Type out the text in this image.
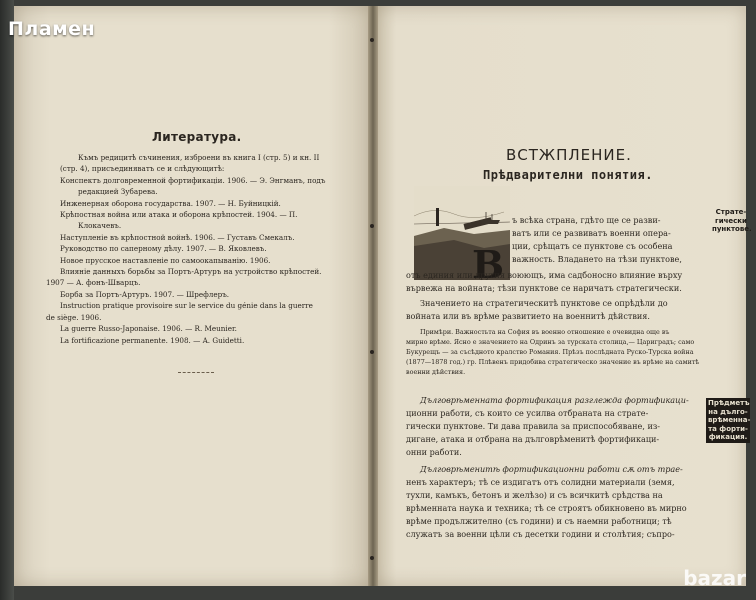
Пламен
bazar
Литература.
Къмъ редицитѣ съчинения, изброени въ книга I (стр. 5) и кн. II
(стр. 4), присъединяватъ се и слѣдующитѣ:
Конспектъ долговременной фортификаціи. 1906. — Э. Энгманъ, подъ
редакцией Зубарева.
Инженерная оборона государства. 1907. — Н. Буйницкій.
Крѣпостная война или атака и оборона крѣпостей. 1904. — П.
Клокачевъ.
Наступленіе въ крѣпостной войнѣ. 1906. — Густавъ Смекалъ.
Руководство по саперному дѣлу. 1907. — В. Яковлевъ.
Новое прусское наставленіе по самоокапыванію. 1906.
Влияніе данныхъ борьбы за Портъ-Артуръ на устройство крѣпостей.
1907 — А. фонъ-Шварцъ.
Борба за Портъ-Артуръ. 1907. — Шрефлеръ.
Instruction pratique provisoire sur le service du génie dans la guerre
de siège. 1906.
La guerre Russo-Japonaise. 1906. — R. Meunier.
La fortificazione permanente. 1908. — A. Guidetti.
ВСТЖПЛЕНИЕ.
Прѣдварителни понятия.
В
Страте-
гически
пунктове.
ъ всѣка страна, гдѣто ще се разви-
ватъ или се развиватъ военни опера-
ции, срѣщатъ се пунктове съ особена
важность. Владането на тѣзи пунктове,
отъ единия или другия воюющъ, има садбоносно влияние върху
вървежа на войната; тѣзи пунктове се наричатъ стратегически.
Значението на стратегическитѣ пунктове се опрѣдѣли до
войната или въ врѣме развитието на военнитѣ дѣйствия.
Примѣри. Важностьта на София въ военно отношение е очевидна още въ
мирно врѣме. Ясно е значението на Одринъ за турската столица,— Цариградъ; само
Букурещъ — за съсѣдното кралство Романия. Прѣзъ послѣдната Руско-Турска война
(1877—1878 год.) гр. Плѣвенъ придобива стратегическо значение въ врѣме на самитѣ
военни дѣйствия.
Прѣдметъ
на дълго-
врѣменна-
та форти-
фикация.
Дълговрѣменната фортификация разглежда фортификаци-
ционни работи, съ които се усилва отбраната на страте-
гически пунктове. Ти дава правила за приспособяване, из-
дигане, атака и отбрана на дълговрѣменитѣ фортификаци-
онни работи.
Дълговрѣменитѣ фортификационни работи сѫ отъ трае-
ненъ характеръ; тѣ се издигатъ отъ солидни материали (земя,
тухли, камъкъ, бетонъ и желѣзо) и съ всичкитѣ срѣдства на
врѣменната наука и техника; тѣ се строятъ обикновено въ мирно
врѣме продължително (съ години) и съ наемни работници; тѣ
служатъ за военни цѣли съ десетки години и столѣтия; съпро-
